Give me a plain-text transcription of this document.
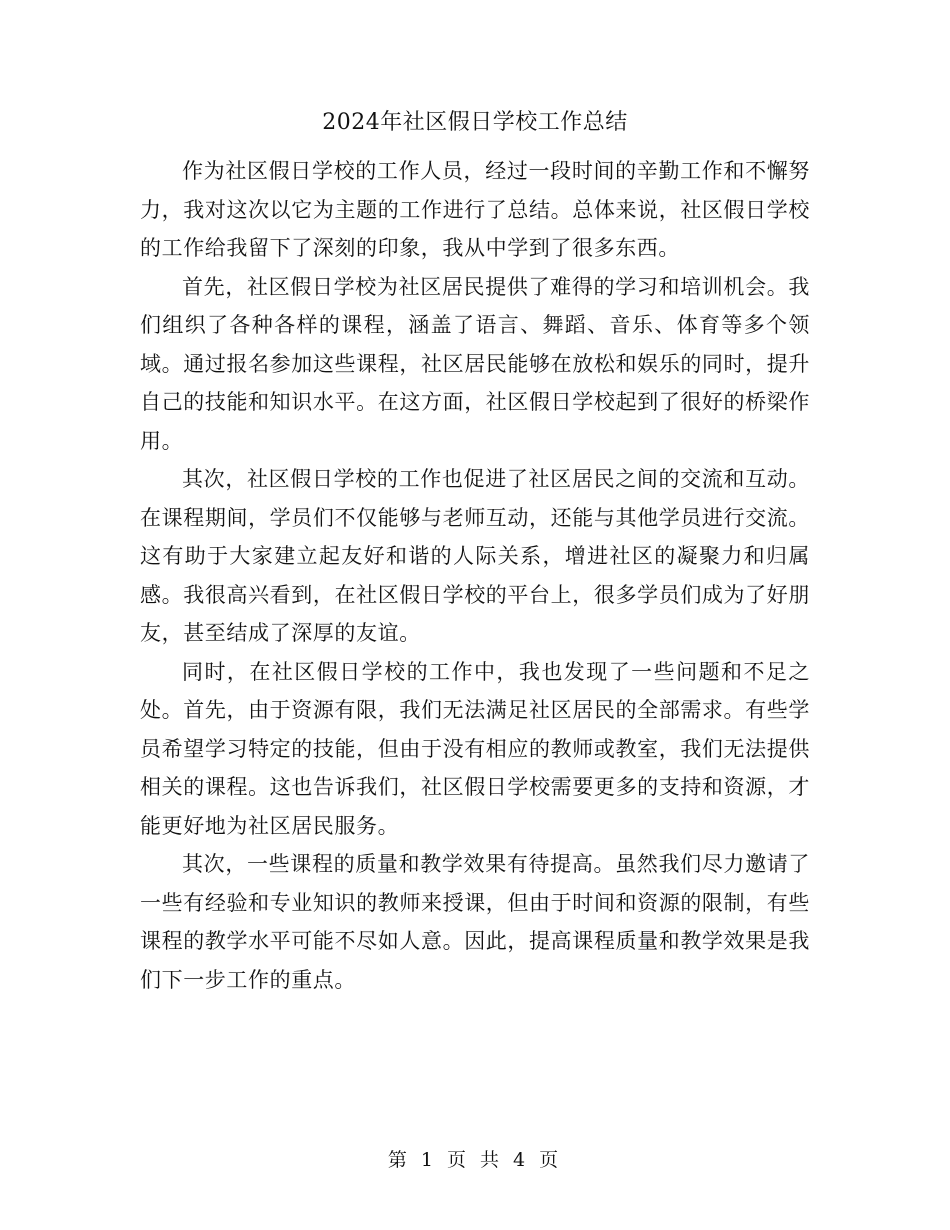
2024年社区假日学校工作总结

作为社区假日学校的工作人员，经过一段时间的辛勤工作和不懈努力，我对这次以它为主题的工作进行了总结。总体来说，社区假日学校的工作给我留下了深刻的印象，我从中学到了很多东西。

首先，社区假日学校为社区居民提供了难得的学习和培训机会。我们组织了各种各样的课程，涵盖了语言、舞蹈、音乐、体育等多个领域。通过报名参加这些课程，社区居民能够在放松和娱乐的同时，提升自己的技能和知识水平。在这方面，社区假日学校起到了很好的桥梁作用。

其次，社区假日学校的工作也促进了社区居民之间的交流和互动。在课程期间，学员们不仅能够与老师互动，还能与其他学员进行交流。这有助于大家建立起友好和谐的人际关系，增进社区的凝聚力和归属感。我很高兴看到，在社区假日学校的平台上，很多学员们成为了好朋友，甚至结成了深厚的友谊。

同时，在社区假日学校的工作中，我也发现了一些问题和不足之处。首先，由于资源有限，我们无法满足社区居民的全部需求。有些学员希望学习特定的技能，但由于没有相应的教师或教室，我们无法提供相关的课程。这也告诉我们，社区假日学校需要更多的支持和资源，才能更好地为社区居民服务。

其次，一些课程的质量和教学效果有待提高。虽然我们尽力邀请了一些有经验和专业知识的教师来授课，但由于时间和资源的限制，有些课程的教学水平可能不尽如人意。因此，提高课程质量和教学效果是我们下一步工作的重点。

第 1 页 共 4 页
